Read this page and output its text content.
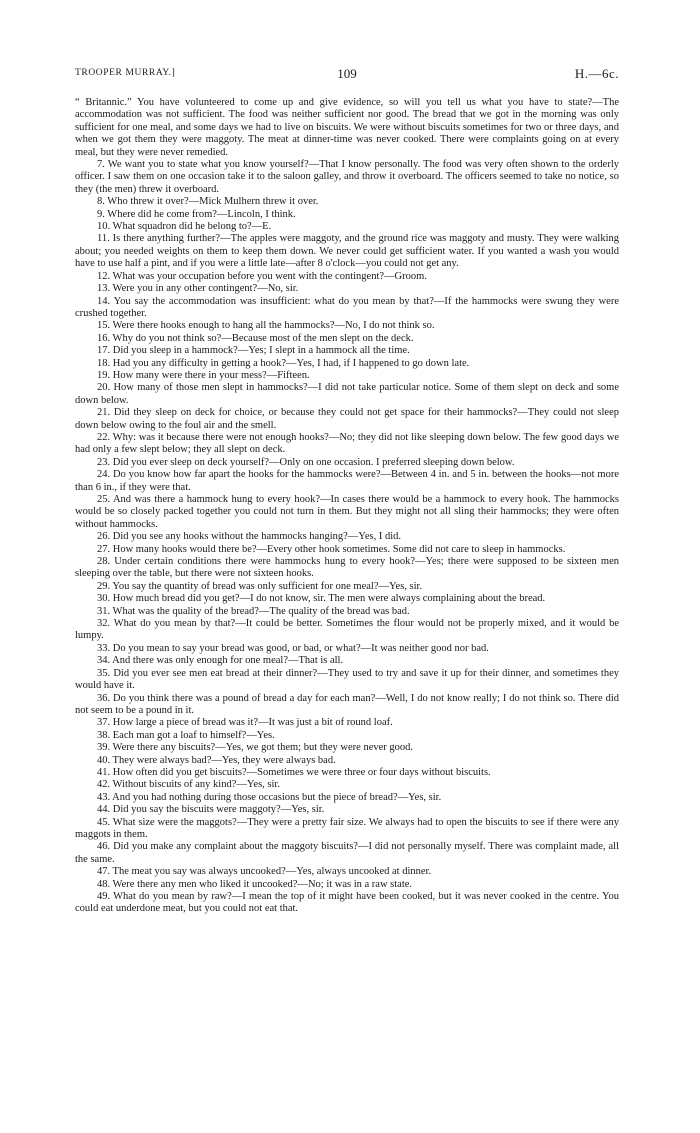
TROOPER MURRAY.]	109	H.—6c.

“ Britannic.” You have volunteered to come up and give evidence, so will you tell us what you have to state?—The accommodation was not sufficient. The food was neither sufficient nor good. The bread that we got in the morning was only sufficient for one meal, and some days we had to live on biscuits. We were without biscuits sometimes for two or three days, and when we got them they were maggoty. The meat at dinner-time was never cooked. There were complaints going on at every meal, but they were never remedied.

7. We want you to state what you know yourself?—That I know personally. The food was very often shown to the orderly officer. I saw them on one occasion take it to the saloon galley, and throw it overboard. The officers seemed to take no notice, so they (the men) threw it overboard.

8. Who threw it over?—Mick Mulhern threw it over.

9. Where did he come from?—Lincoln, I think.

10. What squadron did he belong to?—E.

11. Is there anything further?—The apples were maggoty, and the ground rice was maggoty and musty. They were walking about; you needed weights on them to keep them down. We never could get sufficient water. If you wanted a wash you would have to use half a pint, and if you were a little late—after 8 o'clock—you could not get any.

12. What was your occupation before you went with the contingent?—Groom.

13. Were you in any other contingent?—No, sir.

14. You say the accommodation was insufficient: what do you mean by that?—If the hammocks were swung they were crushed together.

15. Were there hooks enough to hang all the hammocks?—No, I do not think so.

16. Why do you not think so?—Because most of the men slept on the deck.

17. Did you sleep in a hammock?—Yes; I slept in a hammock all the time.

18. Had you any difficulty in getting a hook?—Yes, I had, if I happened to go down late.

19. How many were there in your mess?—Fifteen.

20. How many of those men slept in hammocks?—I did not take particular notice. Some of them slept on deck and some down below.

21. Did they sleep on deck for choice, or because they could not get space for their hammocks?—They could not sleep down below owing to the foul air and the smell.

22. Why: was it because there were not enough hooks?—No; they did not like sleeping down below. The few good days we had only a few slept below; they all slept on deck.

23. Did you ever sleep on deck yourself?—Only on one occasion. I preferred sleeping down below.

24. Do you know how far apart the hooks for the hammocks were?—Between 4 in. and 5 in. between the hooks—not more than 6 in., if they were that.

25. And was there a hammock hung to every hook?—In cases there would be a hammock to every hook. The hammocks would be so closely packed together you could not turn in them. But they might not all sling their hammocks; they were often without hammocks.

26. Did you see any hooks without the hammocks hanging?—Yes, I did.

27. How many hooks would there be?—Every other hook sometimes. Some did not care to sleep in hammocks.

28. Under certain conditions there were hammocks hung to every hook?—Yes; there were supposed to be sixteen men sleeping over the table, but there were not sixteen hooks.

29. You say the quantity of bread was only sufficient for one meal?—Yes, sir.

30. How much bread did you get?—I do not know, sir. The men were always complaining about the bread.

31. What was the quality of the bread?—The quality of the bread was bad.

32. What do you mean by that?—It could be better. Sometimes the flour would not be properly mixed, and it would be lumpy.

33. Do you mean to say your bread was good, or bad, or what?—It was neither good nor bad.

34. And there was only enough for one meal?—That is all.

35. Did you ever see men eat bread at their dinner?—They used to try and save it up for their dinner, and sometimes they would have it.

36. Do you think there was a pound of bread a day for each man?—Well, I do not know really; I do not think so. There did not seem to be a pound in it.

37. How large a piece of bread was it?—It was just a bit of round loaf.

38. Each man got a loaf to himself?—Yes.

39. Were there any biscuits?—Yes, we got them; but they were never good.

40. They were always bad?—Yes, they were always bad.

41. How often did you get biscuits?—Sometimes we were three or four days without biscuits.

42. Without biscuits of any kind?—Yes, sir.

43. And you had nothing during those occasions but the piece of bread?—Yes, sir.

44. Did you say the biscuits were maggoty?—Yes, sir.

45. What size were the maggots?—They were a pretty fair size. We always had to open the biscuits to see if there were any maggots in them.

46. Did you make any complaint about the maggoty biscuits?—I did not personally myself. There was complaint made, all the same.

47. The meat you say was always uncooked?—Yes, always uncooked at dinner.

48. Were there any men who liked it uncooked?—No; it was in a raw state.

49. What do you mean by raw?—I mean the top of it might have been cooked, but it was never cooked in the centre. You could eat underdone meat, but you could not eat that.
